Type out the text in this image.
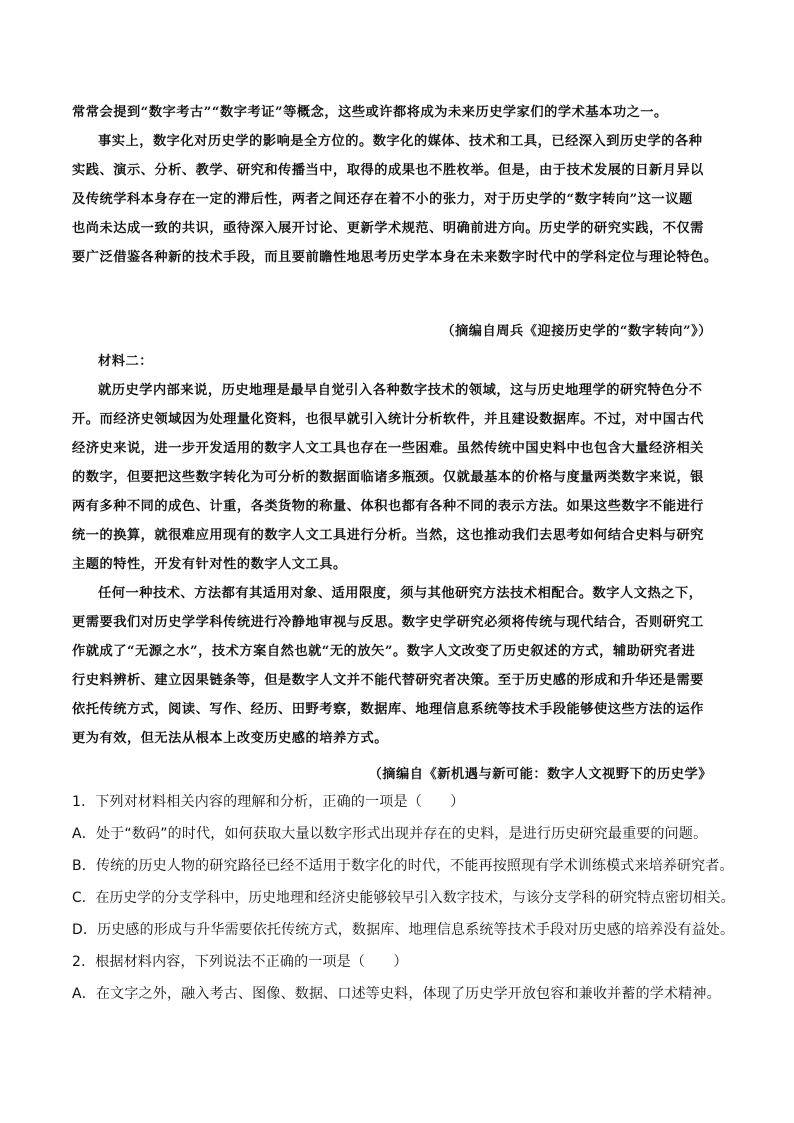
常常会提到“数字考古”“数字考证”等概念，这些或许都将成为未来历史学家们的学术基本功之一。
事实上，数字化对历史学的影响是全方位的。数字化的媒体、技术和工具，已经深入到历史学的各种
实践、演示、分析、教学、研究和传播当中，取得的成果也不胜枚举。但是，由于技术发展的日新月异以
及传统学科本身存在一定的滞后性，两者之间还存在着不小的张力，对于历史学的“数字转向”这一议题
也尚未达成一致的共识，亟待深入展开讨论、更新学术规范、明确前进方向。历史学的研究实践，不仅需
要广泛借鉴各种新的技术手段，而且要前瞻性地思考历史学本身在未来数字时代中的学科定位与理论特色。
（摘编自周兵《迎接历史学的“数字转向”》）
材料二：
就历史学内部来说，历史地理是最早自觉引入各种数字技术的领域，这与历史地理学的研究特色分不
开。而经济史领域因为处理量化资料，也很早就引入统计分析软件，并且建设数据库。不过，对中国古代
经济史来说，进一步开发适用的数字人文工具也存在一些困难。虽然传统中国史料中也包含大量经济相关
的数字，但要把这些数字转化为可分析的数据面临诸多瓶颈。仅就最基本的价格与度量两类数字来说，银
两有多种不同的成色、计重，各类货物的称量、体积也都有各种不同的表示方法。如果这些数字不能进行
统一的换算，就很难应用现有的数字人文工具进行分析。当然，这也推动我们去思考如何结合史料与研究
主题的特性，开发有针对性的数字人文工具。
任何一种技术、方法都有其适用对象、适用限度，须与其他研究方法技术相配合。数字人文热之下，
更需要我们对历史学学科传统进行冷静地审视与反思。数字史学研究必须将传统与现代结合，否则研究工
作就成了“无源之水”，技术方案自然也就“无的放矢”。数字人文改变了历史叙述的方式，辅助研究者进
行史料辨析、建立因果链条等，但是数字人文并不能代替研究者决策。至于历史感的形成和升华还是需要
依托传统方式，阅读、写作、经历、田野考察，数据库、地理信息系统等技术手段能够使这些方法的运作
更为有效，但无法从根本上改变历史感的培养方式。
（摘编自《新机遇与新可能：数字人文视野下的历史学》
1．下列对材料相关内容的理解和分析，正确的一项是（　　）
A．处于“数码”的时代，如何获取大量以数字形式出现并存在的史料，是进行历史研究最重要的问题。
B．传统的历史人物的研究路径已经不适用于数字化的时代，不能再按照现有学术训练模式来培养研究者。
C．在历史学的分支学科中，历史地理和经济史能够较早引入数字技术，与该分支学科的研究特点密切相关。
D．历史感的形成与升华需要依托传统方式，数据库、地理信息系统等技术手段对历史感的培养没有益处。
2．根据材料内容，下列说法不正确的一项是（　　）
A．在文字之外，融入考古、图像、数据、口述等史料，体现了历史学开放包容和兼收并蓄的学术精神。
